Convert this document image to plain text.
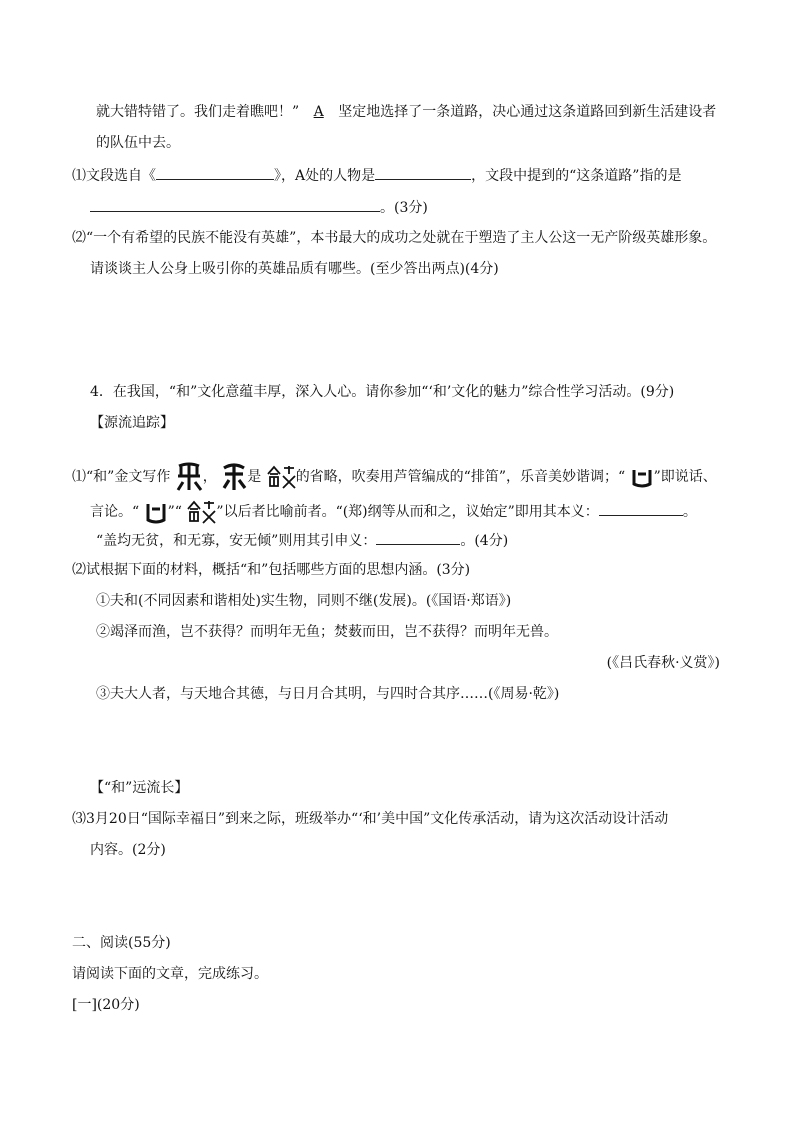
就大错特错了。我们走着瞧吧！” A 坚定地选择了一条道路，决心通过这条道路回到新生活建设者
的队伍中去。
⑴文段选自《	》，A处的人物是	，文段中提到的“这条道路”指的是
。(3分)
⑵“一个有希望的民族不能没有英雄”，本书最大的成功之处就在于塑造了主人公这一无产阶级英雄形象。
请谈谈主人公身上吸引你的英雄品质有哪些。(至少答出两点)(4分)
4．在我国，“和”文化意蕴丰厚，深入人心。请你参加“‘和’文化的魅力”综合性学习活动。(9分)
【源流追踪】
⑴“和”金文写作 ， 是 的省略，吹奏用芦管编成的“排笛”，乐音美妙谐调；“ ”即说话、
言论。“ ”“ ”以后者比喻前者。“(郑)纲等从而和之，议始定”即用其本义：	。
“盖均无贫，和无寡，安无倾”则用其引申义：	。(4分)
⑵试根据下面的材料，概括“和”包括哪些方面的思想内涵。(3分)
①夫和(不同因素和谐相处)实生物，同则不继(发展)。(《国语·郑语》)
②竭泽而渔，岂不获得？而明年无鱼；焚薮而田，岂不获得？而明年无兽。
(《吕氏春秋·义赏》)
③夫大人者，与天地合其德，与日月合其明，与四时合其序……(《周易·乾》)
【“和”远流长】
⑶3月20日“国际幸福日”到来之际，班级举办“‘和’美中国”文化传承活动，请为这次活动设计活动
内容。(2分)
二、阅读(55分)
请阅读下面的文章，完成练习。
[一](20分)
